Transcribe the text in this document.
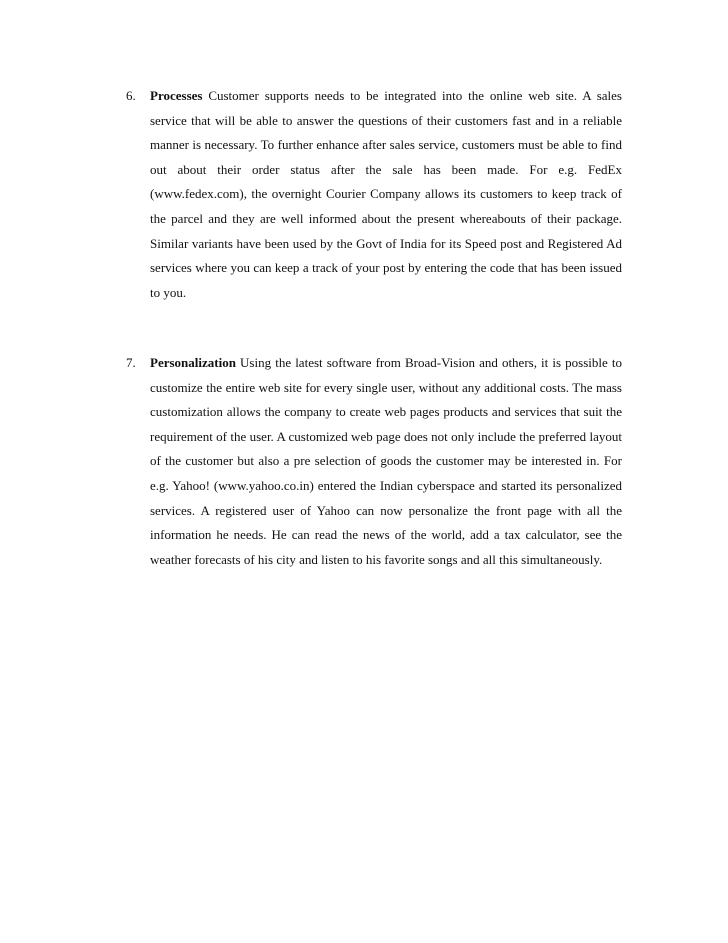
6.	Processes Customer supports needs to be integrated into the online web site. A sales service that will be able to answer the questions of their customers fast and in a reliable manner is necessary. To further enhance after sales service, customers must be able to find out about their order status after the sale has been made. For e.g. FedEx (www.fedex.com), the overnight Courier Company allows its customers to keep track of the parcel and they are well informed about the present whereabouts of their package. Similar variants have been used by the Govt of India for its Speed post and Registered Ad services where you can keep a track of your post by entering the code that has been issued to you.
7.	Personalization Using the latest software from Broad-Vision and others, it is possible to customize the entire web site for every single user, without any additional costs. The mass customization allows the company to create web pages products and services that suit the requirement of the user. A customized web page does not only include the preferred layout of the customer but also a pre selection of goods the customer may be interested in. For e.g. Yahoo! (www.yahoo.co.in) entered the Indian cyberspace and started its personalized services. A registered user of Yahoo can now personalize the front page with all the information he needs. He can read the news of the world, add a tax calculator, see the weather forecasts of his city and listen to his favorite songs and all this simultaneously.
